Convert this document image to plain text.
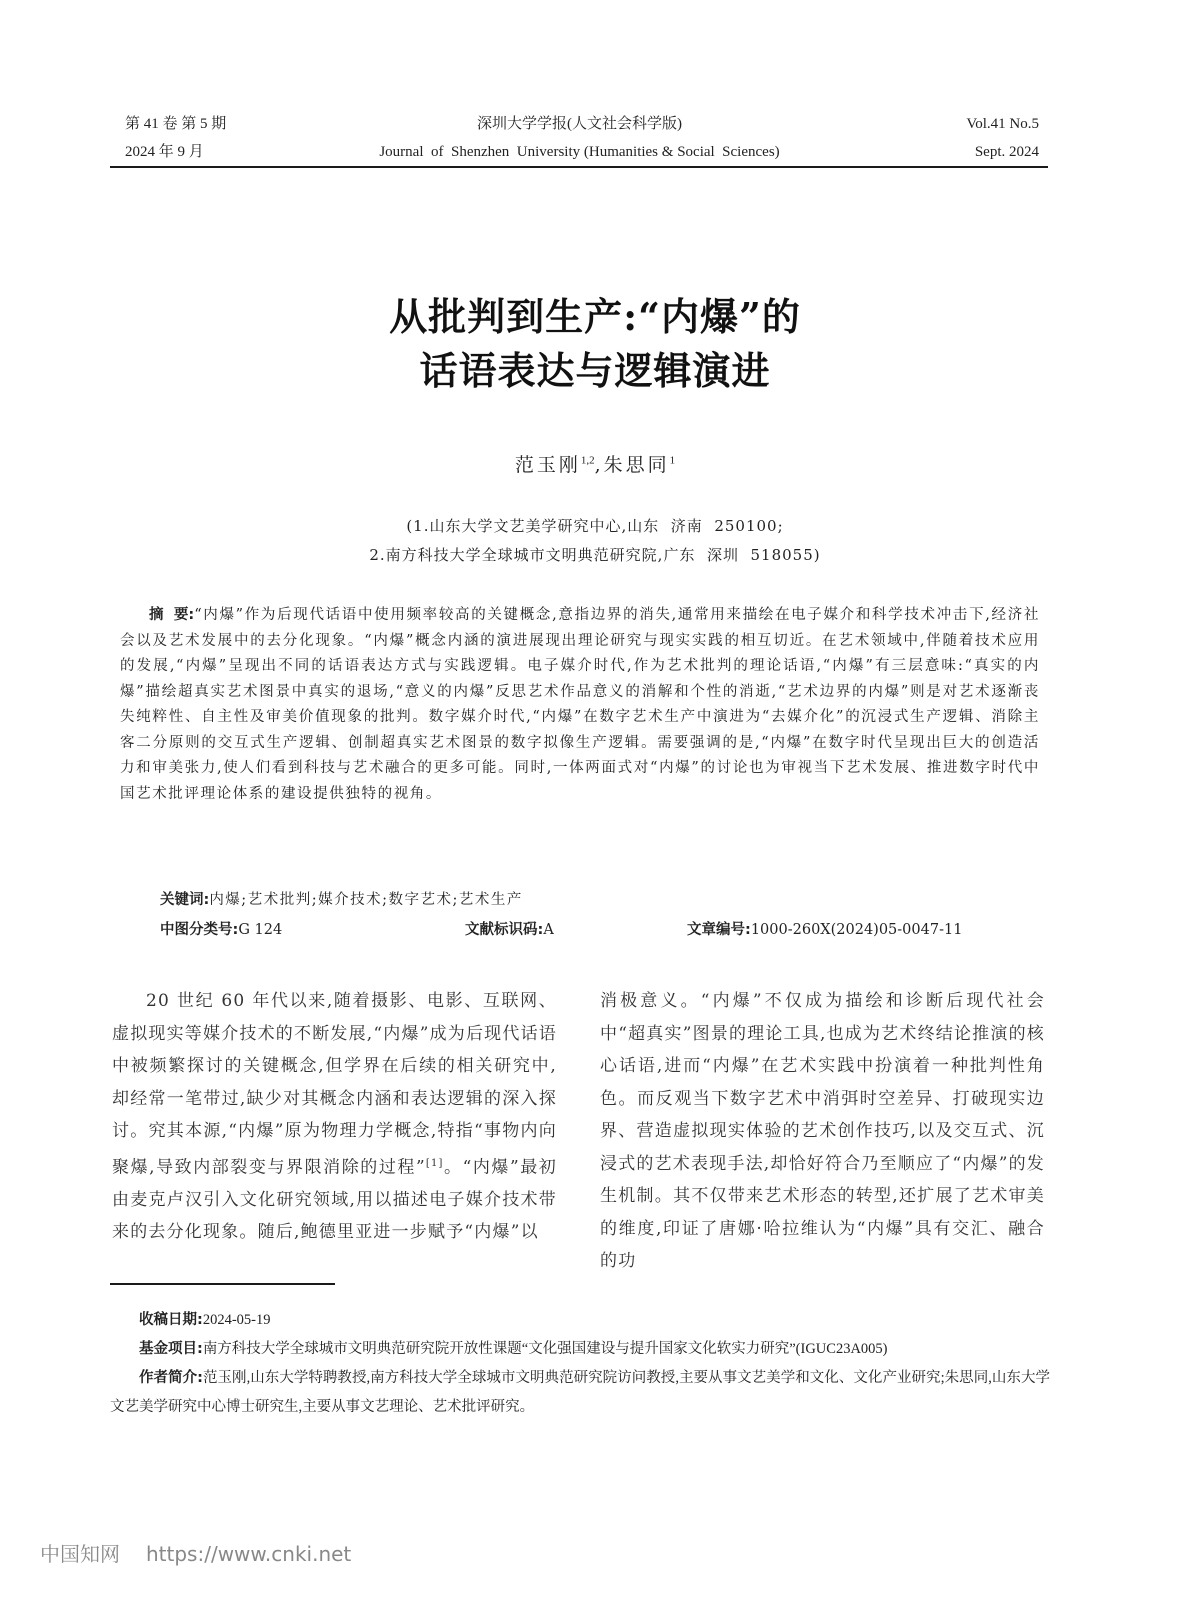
第 41 卷 第 5 期
2024 年 9 月
深圳大学学报(人文社会科学版)
Journal  of  Shenzhen  University (Humanities & Social  Sciences)
Vol.41 No.5
Sept. 2024
从批判到生产:“内爆”的
话语表达与逻辑演进
范玉刚$^{1,2}$,朱思同$^1$
(1.山东大学文艺美学研究中心,山东  济南  250100;
2.南方科技大学全球城市文明典范研究院,广东  深圳  518055)
摘  要:“内爆”作为后现代话语中使用频率较高的关键概念,意指边界的消失,通常用来描绘在电子媒介和科学技术冲击下,经济社会以及艺术发展中的去分化现象。“内爆”概念内涵的演进展现出理论研究与现实实践的相互切近。在艺术领域中,伴随着技术应用的发展,“内爆”呈现出不同的话语表达方式与实践逻辑。电子媒介时代,作为艺术批判的理论话语,“内爆”有三层意味:“真实的内爆”描绘超真实艺术图景中真实的退场,“意义的内爆”反思艺术作品意义的消解和个性的消逝,“艺术边界的内爆”则是对艺术逐渐丧失纯粹性、自主性及审美价值现象的批判。数字媒介时代,“内爆”在数字艺术生产中演进为“去媒介化”的沉浸式生产逻辑、消除主客二分原则的交互式生产逻辑、创制超真实艺术图景的数字拟像生产逻辑。需要强调的是,“内爆”在数字时代呈现出巨大的创造活力和审美张力,使人们看到科技与艺术融合的更多可能。同时,一体两面式对“内爆”的讨论也为审视当下艺术发展、推进数字时代中国艺术批评理论体系的建设提供独特的视角。
关键词:内爆;艺术批判;媒介技术;数字艺术;艺术生产
中图分类号:G 124	文献标识码:A	文章编号:1000-260X(2024)05-0047-11
20 世纪 60 年代以来,随着摄影、电影、互联网、虚拟现实等媒介技术的不断发展,“内爆”成为后现代话语中被频繁探讨的关键概念,但学界在后续的相关研究中,却经常一笔带过,缺少对其概念内涵和表达逻辑的深入探讨。究其本源,“内爆”原为物理力学概念,特指“事物内向聚爆,导致内部裂变与界限消除的过程”[1]。“内爆”最初由麦克卢汉引入文化研究领域,用以描述电子媒介技术带来的去分化现象。随后,鲍德里亚进一步赋予“内爆”以
消极意义。“内爆”不仅成为描绘和诊断后现代社会中“超真实”图景的理论工具,也成为艺术终结论推演的核心话语,进而“内爆”在艺术实践中扮演着一种批判性角色。而反观当下数字艺术中消弭时空差异、打破现实边界、营造虚拟现实体验的艺术创作技巧,以及交互式、沉浸式的艺术表现手法,却恰好符合乃至顺应了“内爆”的发生机制。其不仅带来艺术形态的转型,还扩展了艺术审美的维度,印证了唐娜·哈拉维认为“内爆”具有交汇、融合的功

收稿日期:2024-05-19

基金项目:南方科技大学全球城市文明典范研究院开放性课题“文化强国建设与提升国家文化软实力研究”(IGUC23A005)

作者简介:范玉刚,山东大学特聘教授,南方科技大学全球城市文明典范研究院访问教授,主要从事文艺美学和文化、文化产业研究;朱思同,山东大学文艺美学研究中心博士研究生,主要从事文艺理论、艺术批评研究。

中国知网 https://www.cnki.net
